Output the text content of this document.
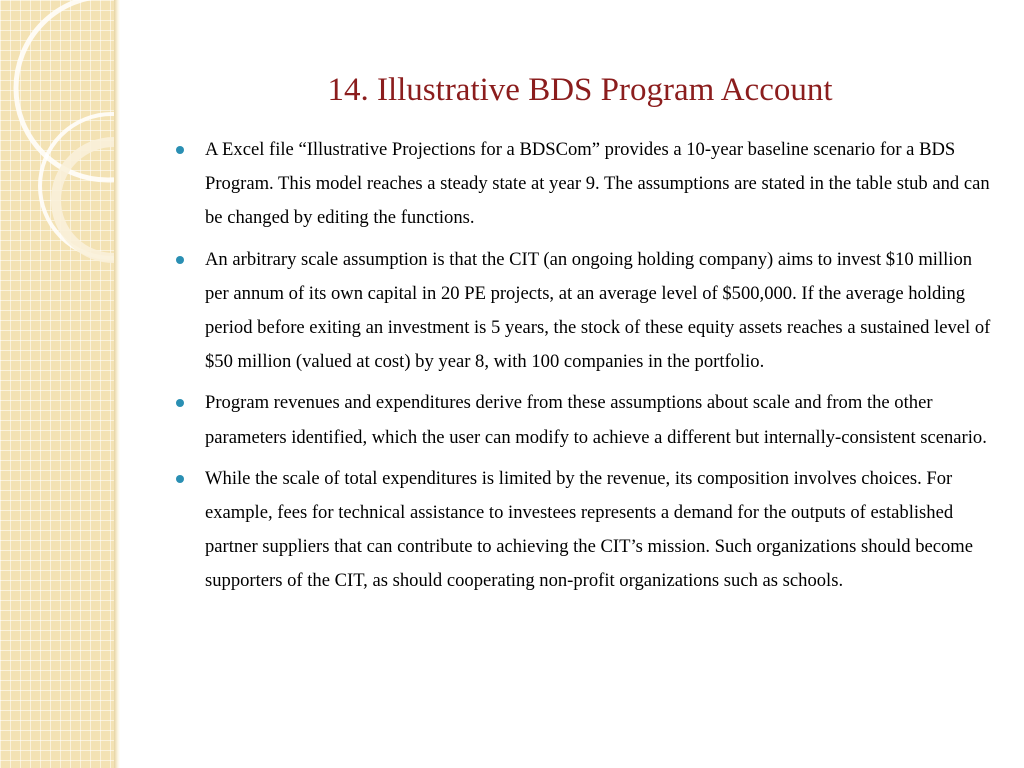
14. Illustrative BDS Program Account
A Excel file “Illustrative Projections for a BDSCom” provides a 10-year baseline scenario for a BDS Program. This model reaches a steady state at year 9. The assumptions are stated in the table stub and can be changed by editing the functions.
An arbitrary scale assumption is that the CIT (an ongoing holding company) aims to invest $10 million per annum of its own capital in 20 PE projects, at an average level of $500,000. If the average holding period before exiting an investment is 5 years, the stock of these equity assets reaches a sustained level of $50 million (valued at cost) by year 8, with 100 companies in the portfolio.
Program revenues and expenditures derive from these assumptions about scale and from the other parameters identified, which the user can modify to achieve a different but internally-consistent scenario.
While the scale of total expenditures is limited by the revenue, its composition involves choices. For example, fees for technical assistance to investees represents a demand for the outputs of established partner suppliers that can contribute to achieving the CIT’s mission. Such organizations should become supporters of the CIT, as should cooperating non-profit organizations such as schools.
